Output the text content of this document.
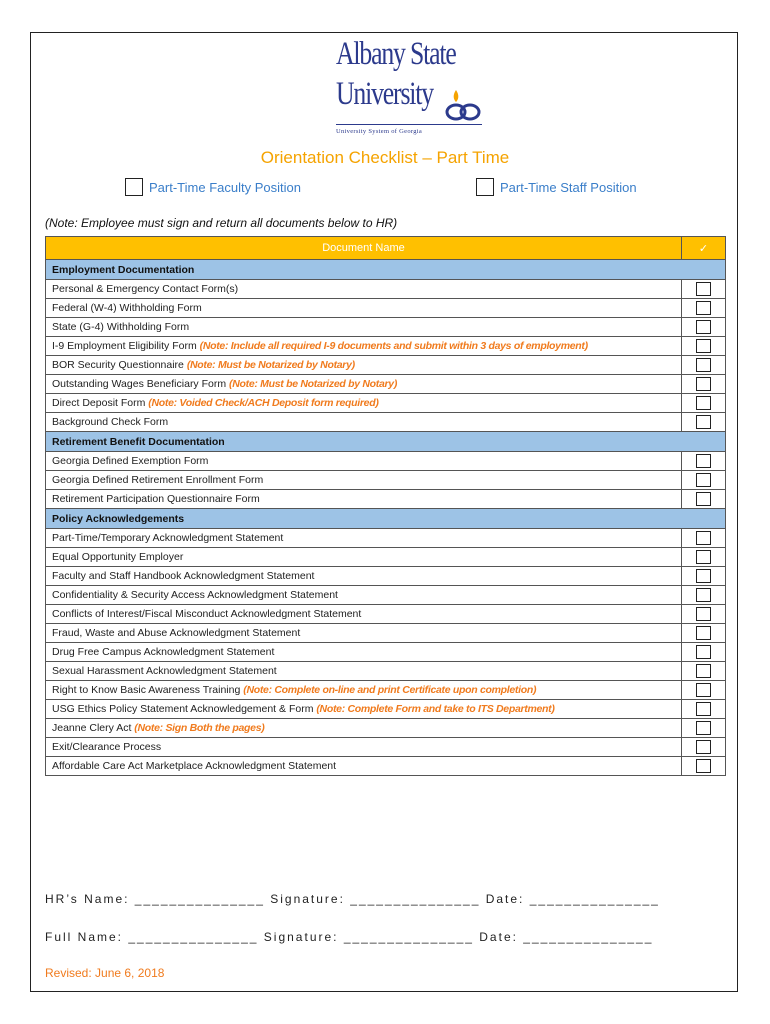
Albany State
University
University System of Georgia
Orientation Checklist – Part Time
Part-Time Faculty Position	Part-Time Staff Position
(Note: Employee must sign and return all documents below to HR)
Document Name	✓
Employment Documentation	
Personal & Emergency Contact Form(s)	
Federal (W-4) Withholding Form	
State (G-4) Withholding Form	
I-9 Employment Eligibility Form (Note: Include all required I-9 documents and submit within 3 days of employment)	
BOR Security Questionnaire (Note: Must be Notarized by Notary)	
Outstanding Wages Beneficiary Form (Note: Must be Notarized by Notary)	
Direct Deposit Form (Note: Voided Check/ACH Deposit form required)	
Background Check Form	
Retirement Benefit Documentation	
Georgia Defined Exemption Form	
Georgia Defined Retirement Enrollment Form	
Retirement Participation Questionnaire Form	
Policy Acknowledgements	
Part-Time/Temporary Acknowledgment Statement	
Equal Opportunity Employer	
Faculty and Staff Handbook Acknowledgment Statement	
Confidentiality & Security Access Acknowledgment Statement	
Conflicts of Interest/Fiscal Misconduct Acknowledgment Statement	
Fraud, Waste and Abuse Acknowledgment Statement	
Drug Free Campus Acknowledgment Statement	
Sexual Harassment Acknowledgment Statement	
Right to Know Basic Awareness Training (Note: Complete on-line and print Certificate upon completion)	
USG Ethics Policy Statement Acknowledgement & Form (Note: Complete Form and take to ITS Department)	
Jeanne Clery Act (Note: Sign Both the pages)	
Exit/Clearance Process	
Affordable Care Act Marketplace Acknowledgment Statement	
HR’s Name: _______________ Signature: _______________ Date: _______________
Full Name: _______________ Signature: _______________ Date: _______________
Revised: June 6, 2018
